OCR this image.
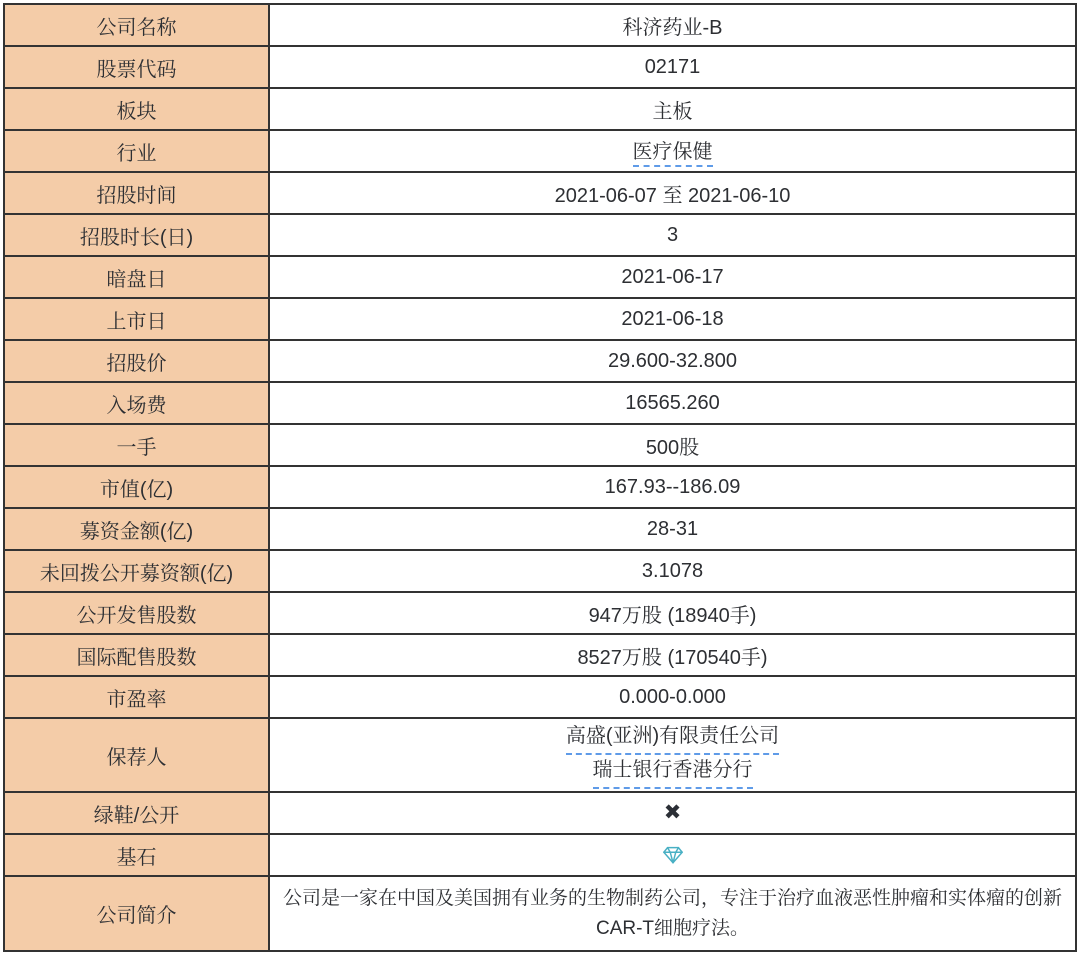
公司名称	科济药业-B
股票代码	02171
板块	主板
行业	医疗保健
招股时间	2021-06-07 至 2021-06-10
招股时长(日)	3
暗盘日	2021-06-17
上市日	2021-06-18
招股价	29.600-32.800
入场费	16565.260
一手	500股
市值(亿)	167.93--186.09
募资金额(亿)	28-31
未回拨公开募资额(亿)	3.1078
公开发售股数	947万股 (18940手)
国际配售股数	8527万股 (170540手)
市盈率	0.000-0.000
保荐人	高盛(亚洲)有限责任公司
瑞士银行香港分行

绿鞋/公开	✖
基石	
公司简介	公司是一家在中国及美国拥有业务的生物制药公司，专注于治疗血液恶性肿瘤和实体瘤的创新CAR-T细胞疗法。
